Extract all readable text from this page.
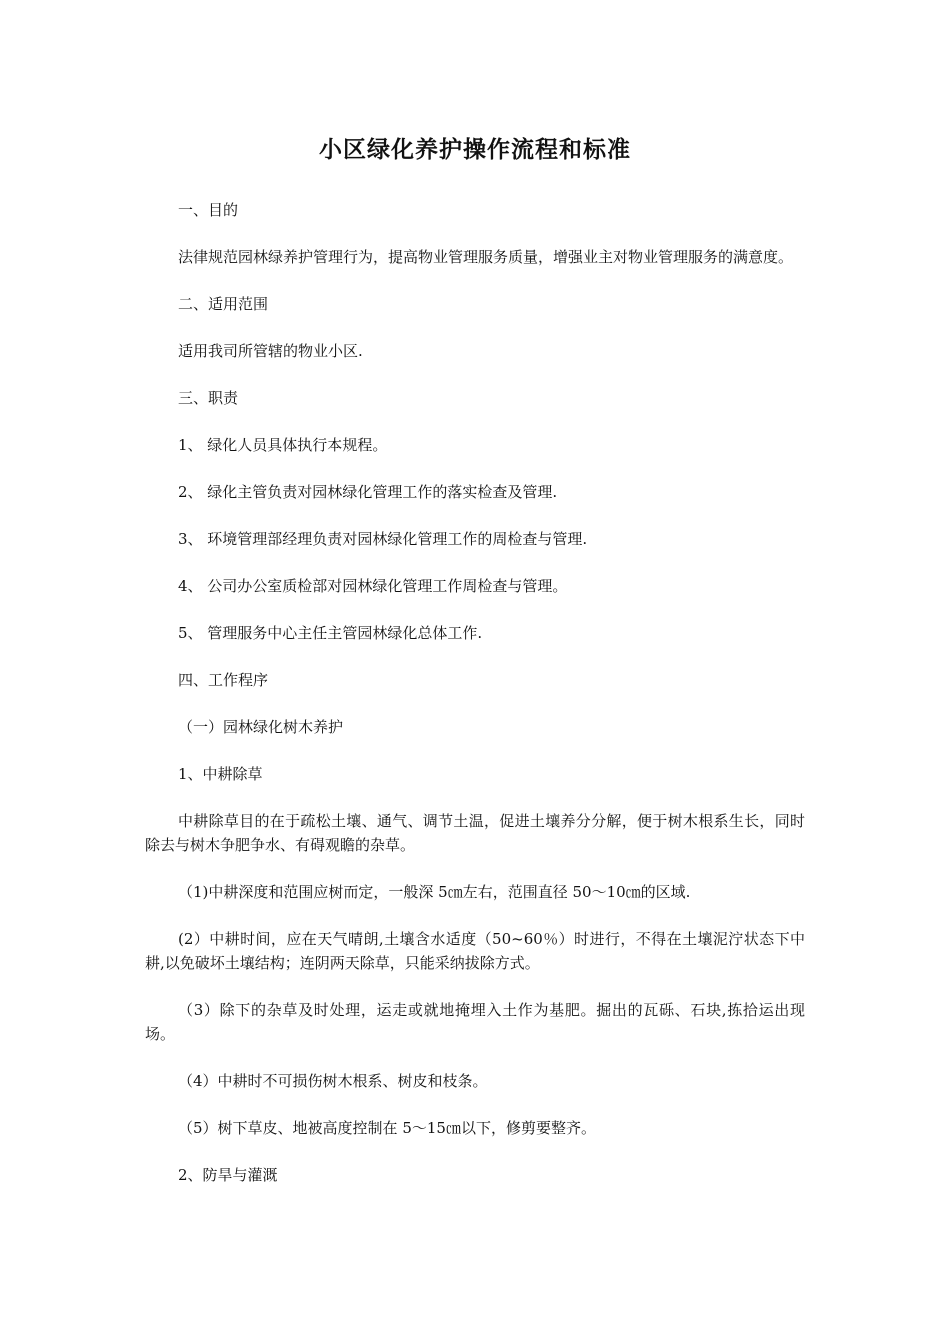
小区绿化养护操作流程和标准

一、目的

法律规范园林绿养护管理行为，提高物业管理服务质量，增强业主对物业管理服务的满意度。

二、适用范围

适用我司所管辖的物业小区.

三、职责

1、 绿化人员具体执行本规程。

2、 绿化主管负责对园林绿化管理工作的落实检查及管理.

3、 环境管理部经理负责对园林绿化管理工作的周检查与管理.

4、 公司办公室质检部对园林绿化管理工作周检查与管理。

5、 管理服务中心主任主管园林绿化总体工作.

四、工作程序

（一）园林绿化树木养护

1、中耕除草

中耕除草目的在于疏松土壤、通气、调节土温，促进土壤养分分解，便于树木根系生长，同时除去与树木争肥争水、有碍观瞻的杂草。

（1)中耕深度和范围应树而定，一般深 5㎝左右，范围直径 50～10㎝的区域.

(2）中耕时间，应在天气晴朗,土壤含水适度（50~60％）时进行，不得在土壤泥泞状态下中耕,以免破坏土壤结构；连阴两天除草，只能采纳拔除方式。

（3）除下的杂草及时处理，运走或就地掩埋入土作为基肥。掘出的瓦砾、石块,拣拾运出现场。

（4）中耕时不可损伤树木根系、树皮和枝条。

（5）树下草皮、地被高度控制在 5～15㎝以下，修剪要整齐。

2、防旱与灌溉
